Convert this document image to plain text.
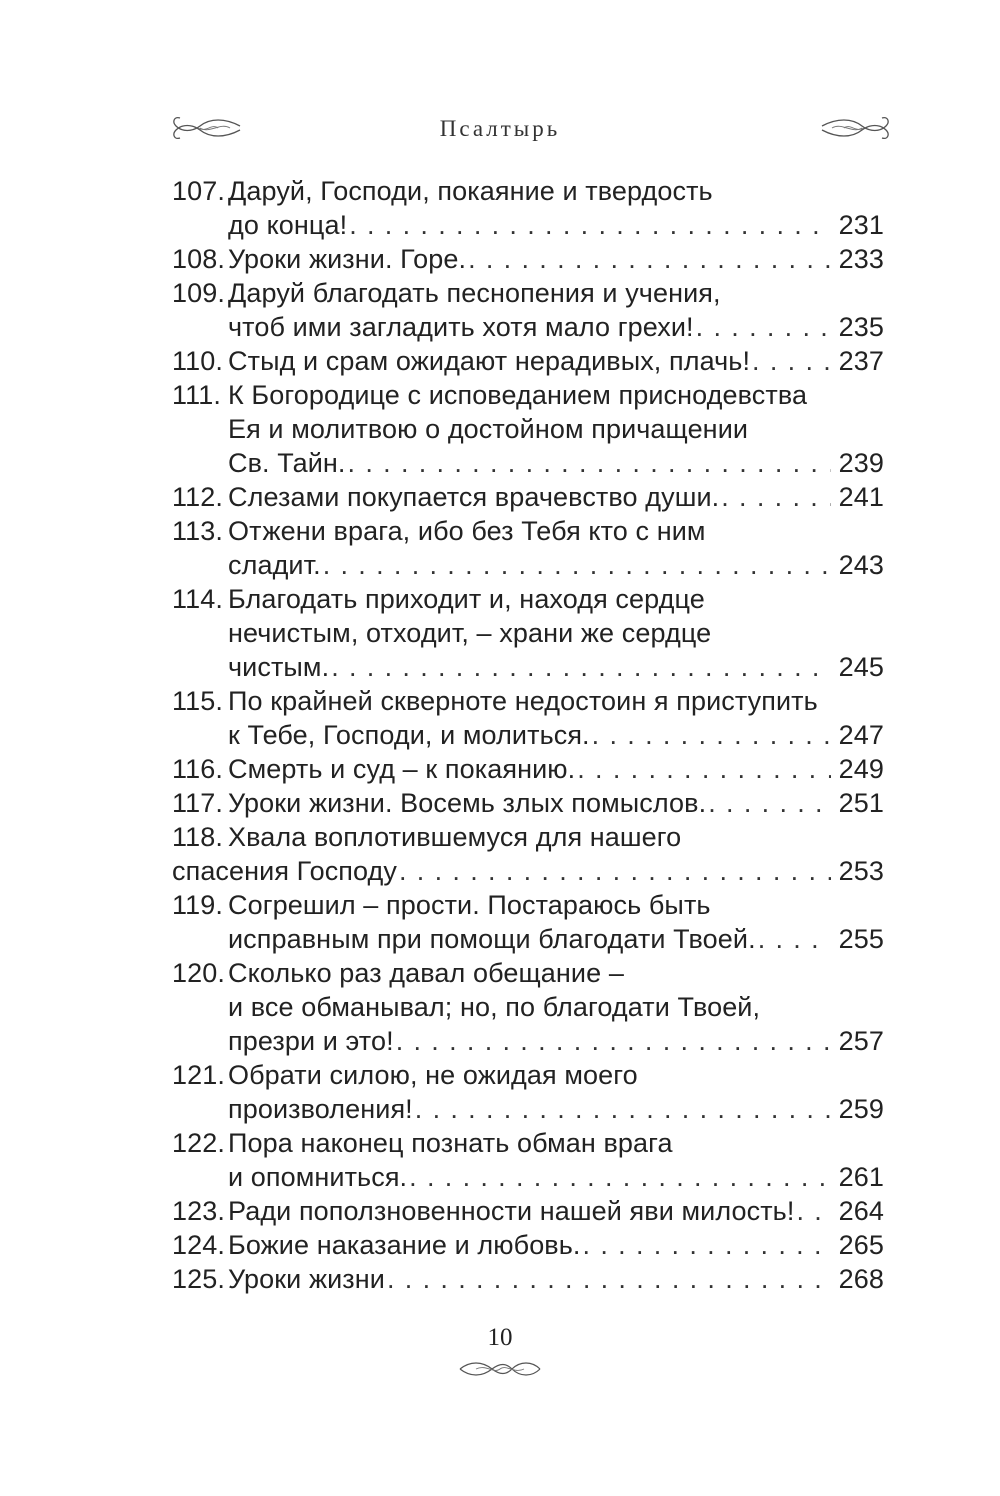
Псалтырь
107. Даруй, Господи, покаяние и твердость
до конца! . . .	231
108. Уроки жизни. Горе. . . .	233
109. Даруй благодать песнопения и учения,
чтоб ими загладить хотя мало грехи! . . .	235
110. Стыд и срам ожидают нерадивых, плачь! . . .	237
111. К Богородице с исповеданием приснодевства
Ея и молитвою о достойном причащении
Св. Тайн. . . .	239
112. Слезами покупается врачевство души. . . .	241
113. Отжени врага, ибо без Тебя кто с ним
сладит. . . .	243
114. Благодать приходит и, находя сердце
нечистым, отходит, – храни же сердце
чистым. . . .	245
115. По крайней скверноте недостоин я приступить
к Тебе, Господи, и молиться. . . .	247
116. Смерть и суд – к покаянию. . . .	249
117. Уроки жизни. Восемь злых помыслов. . . .	251
118. Хвала воплотившемуся для нашего
спасения Господу . . .	253
119. Согрешил – прости. Постараюсь быть
исправным при помощи благодати Твоей. . . .	255
120. Сколько раз давал обещание –
и все обманывал; но, по благодати Твоей,
презри и это! . . .	257
121. Обрати силою, не ожидая моего
произволения! . . .	259
122. Пора наконец познать обман врага
и опомниться. . . .	261
123. Ради поползновенности нашей яви милость! . . . 264
124. Божие наказание и любовь. . . .	265
125. Уроки жизни . . .	268
10
